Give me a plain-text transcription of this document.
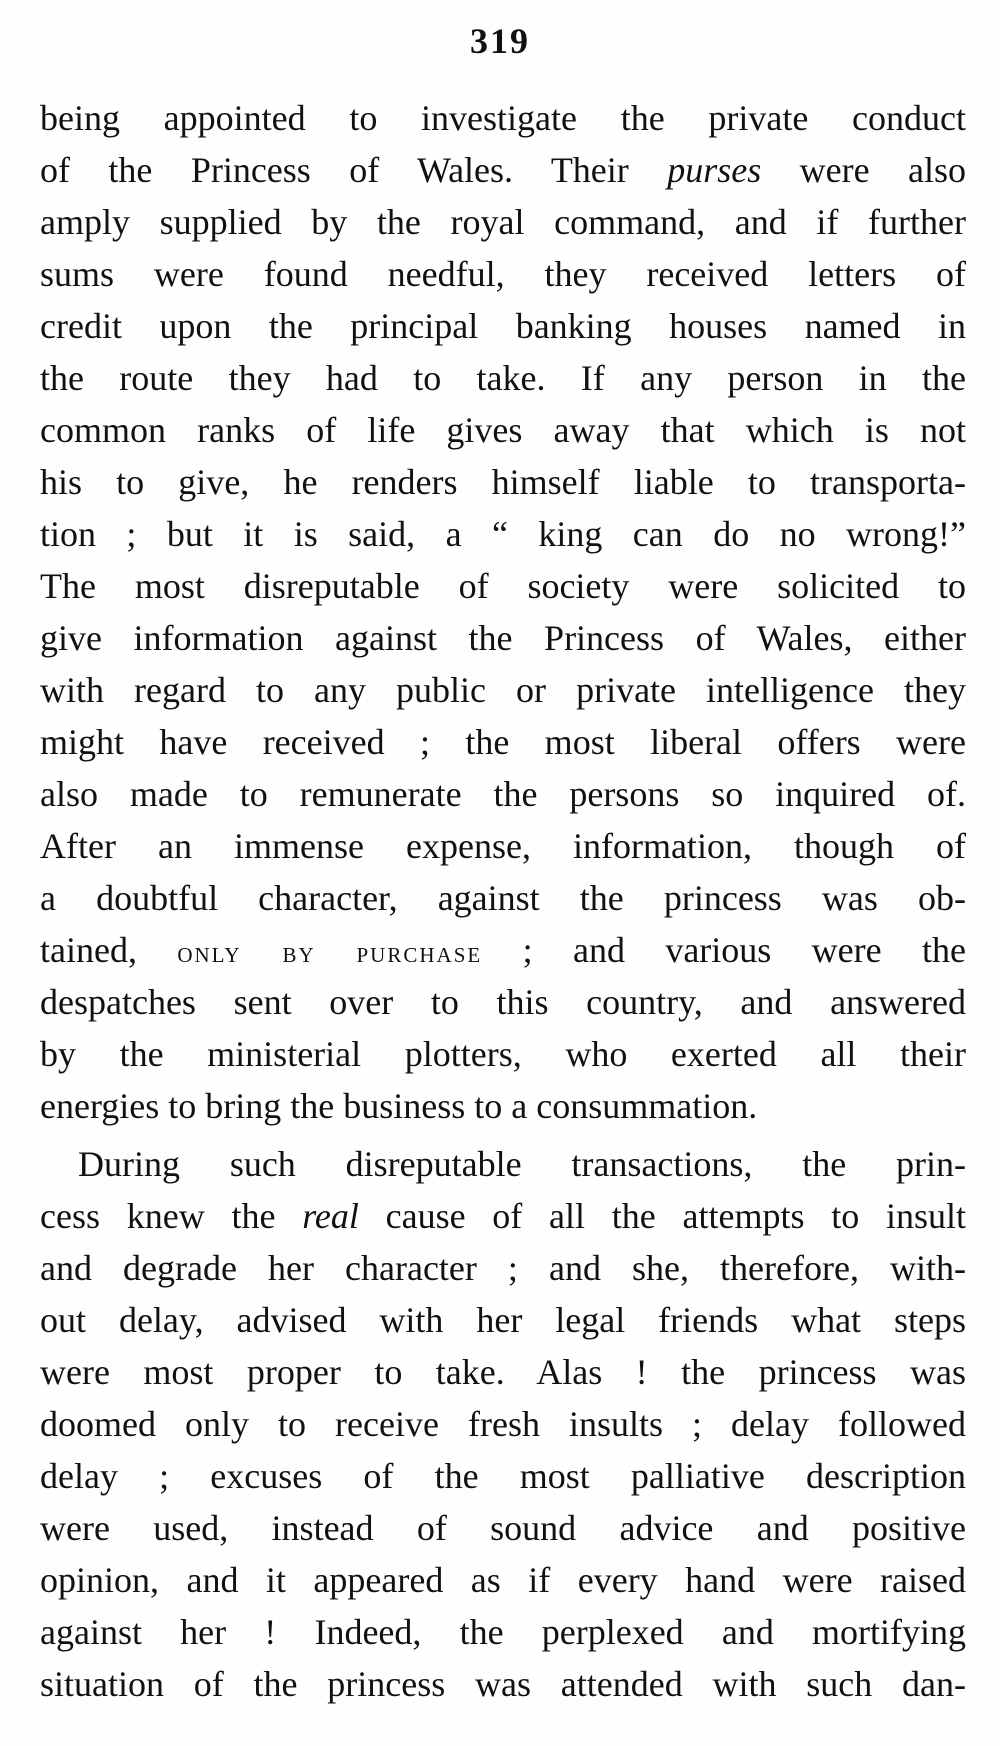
319
being appointed to investigate the private conduct
of the Princess of Wales. Their purses were also
amply supplied by the royal command, and if further
sums were found needful, they received letters of
credit upon the principal banking houses named in
the route they had to take. If any person in the
common ranks of life gives away that which is not
his to give, he renders himself liable to transporta-
tion ; but it is said, a “ king can do no wrong!”
The most disreputable of society were solicited to
give information against the Princess of Wales, either
with regard to any public or private intelligence they
might have received ; the most liberal offers were
also made to remunerate the persons so inquired of.
After an immense expense, information, though of
a doubtful character, against the princess was ob-
tained, only by purchase ; and various were the
despatches sent over to this country, and answered
by the ministerial plotters, who exerted all their
energies to bring the business to a consummation.
During such disreputable transactions, the prin-
cess knew the real cause of all the attempts to insult
and degrade her character ; and she, therefore, with-
out delay, advised with her legal friends what steps
were most proper to take. Alas ! the princess was
doomed only to receive fresh insults ; delay followed
delay ; excuses of the most palliative description
were used, instead of sound advice and positive
opinion, and it appeared as if every hand were raised
against her ! Indeed, the perplexed and mortifying
situation of the princess was attended with such dan-
